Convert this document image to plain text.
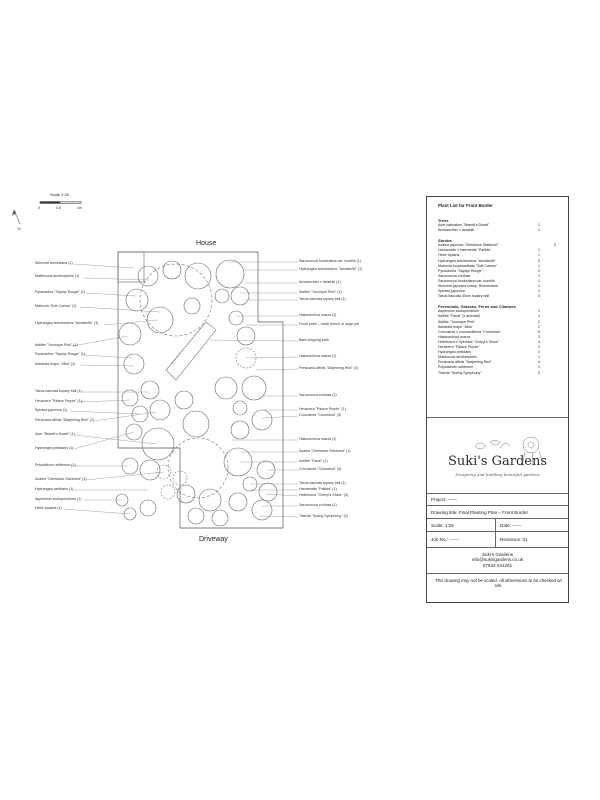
Scale 1:25
0	0.5	1m
N
House
Driveway
Skimmia reevesiana (1)
Matteuccia struthiopteris (1)
Pyracantha "Saphyr Rouge" (1)
Mahonia "Soft Caress" (1)
Hydrangea arborescens "Annabelle" (1)
Astilbe "Younique Pink" (1)
Pyracantha "Saphyr Rouge" (1)
Astrantia major "Alba" (2)
Taxus baccata topiary ball (1)
Heuchera "Palace Purple" (1)
Spiraea japonica (1)
Persicaria affinis "Darjeeling Red" (2)
Acer "Brandt's Dwarf" (1)
Hydrangea petiolaris (1)
Polystichum setiferum (1)
Azalea "Glendoick Starburst" (1)
Hydrangea petiolaris (1)
Asplenium scolopendrium (1)
Hebe topiaria (1)
Sarcococca hookeriana var. humilis (1)
Hydrangea arborescens "Annabelle" (1)
Amelanchier x lamarkii (1)
Astilbe "Younique Pink" (1)
Taxus baccata topiary ball (1)
Hakonechloa macra (1)
Focal point – rustic bench or large pot
Bark chipping path
Hakonechloa macra (1)
Persicaria affinis "Darjeeling Red" (3)
Sarcococca confusa (1)
Heuchera "Palace Purple" (1)
Crocosmia "Columbus" (3)
Hakonechloa macra (1)
Azalea "Glendoick Starburst" (1)
Astilbe "Fanal" (1)
Crocosmia "Columbus" (3)
Taxus baccata topiary ball (1)
Hamamelis "Pallida" (1)
Helleborus "Cheryl's Shine" (3)
Sarcococca confusa (1)
Tiarella "Spring Symphony" (2)
Plant List for Front Border
Trees
Acer palmatum "Brandt's Dwarf"	1
Amelanchier x lamarkii	1
Shrubs
Azalea japonica "Glendoick Starburst"	2
Hamamelis x intermedia "Pallida"	1
Hebe topiaria	1
Hydrangea arborescens "Annabelle"	2
Mahonia eurybracteata "Soft Caress"	1
Pyracantha "Saphyr Rouge"	2
Sarcococca confusa	2
Sarcococca hookeriana var. humilis	1
Skimmia japonica subsp. Reevesiana	1
Spiraea japonica	1
Taxus baccata 30cm topiary ball	3
Perennials, Grasses, Ferns and Climbers
Asplenium scolopendrium	1
Astilbe "Fanal" (x arendsii)	1
Astilbe "Younique Pink"	2
Astrantia major "Alba"	2
Crocosmia x crocosmiiflora "Columbus"	6
Hakonechloa macra	3
Helleborus x hybridus "Cheryl's Shine"	3
Heuchera "Palace Purple"	2
Hydrangea petiolaris	2
Matteuccia struthiopteris	1
Persicaria affinis "Darjeeling Red"	4
Polystichum setiferum	1
Tiarella "Spring Symphony"	2
Suki's Gardens
Designing and building beautiful gardens
Project: ------
Drawing title: Final Planting Plan – Front Border
Scale: 1:25	Date: ------
Job No.: ------	Revisions: 01
Suki's Gardens
info@sukisgardens.co.uk
07933 041261
This drawing may not be scaled. All dimensions to be checked on site.
